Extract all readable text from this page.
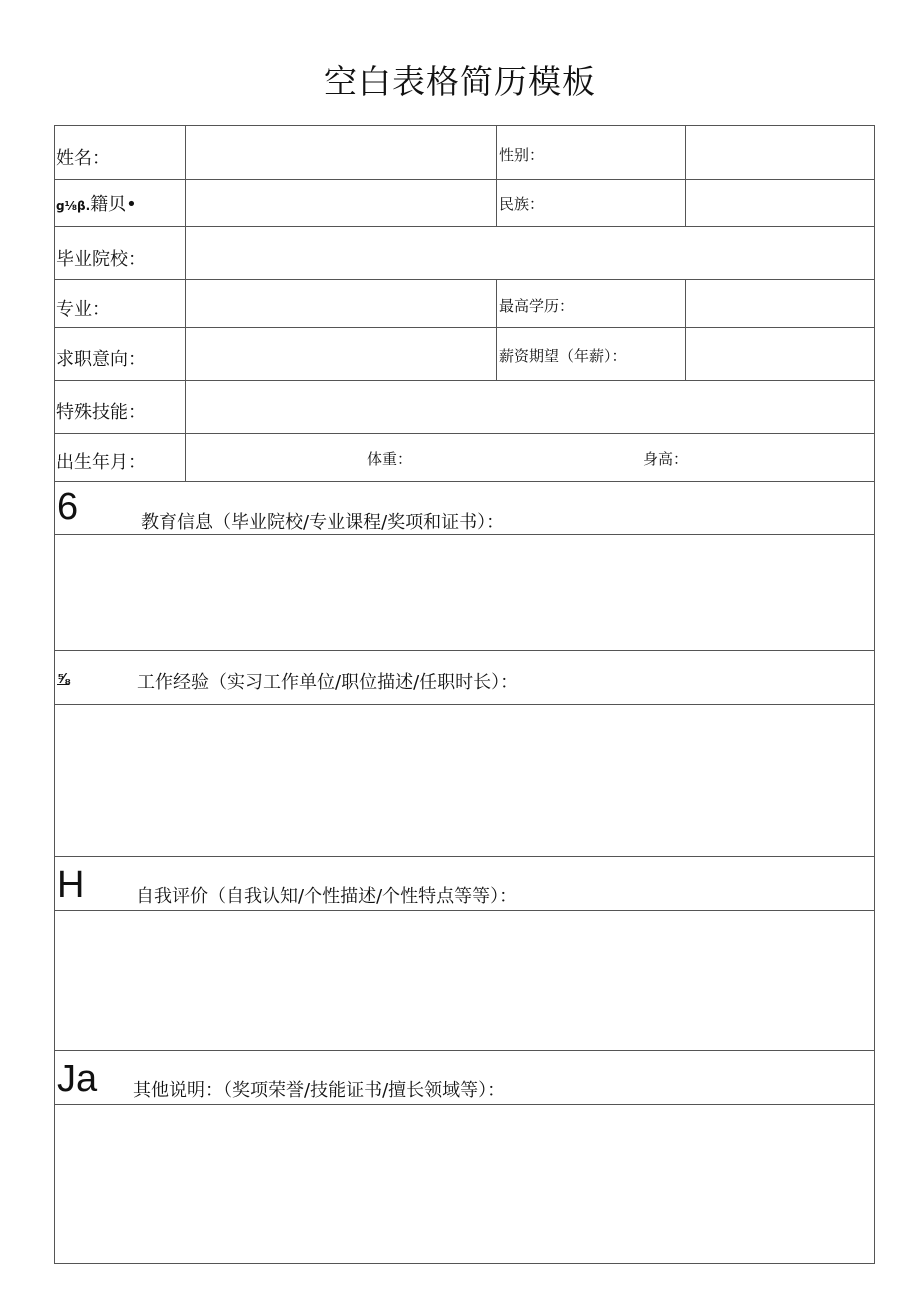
空白表格简历模板
姓名：	性别：
g⅛β.籍贝•	民族：
毕业院校：
专业：	最高学历：
求职意向：	薪资期望（年薪）：
特殊技能：
出生年月：	体重：	身高：
6	教育信息（毕业院校/专业课程/奖项和证书）：
⅝	工作经验（实习工作单位/职位描述/任职时长）：
H	自我评价（自我认知/个性描述/个性特点等等）：
Ja 其他说明：（奖项荣誉/技能证书/擅长领域等）：
